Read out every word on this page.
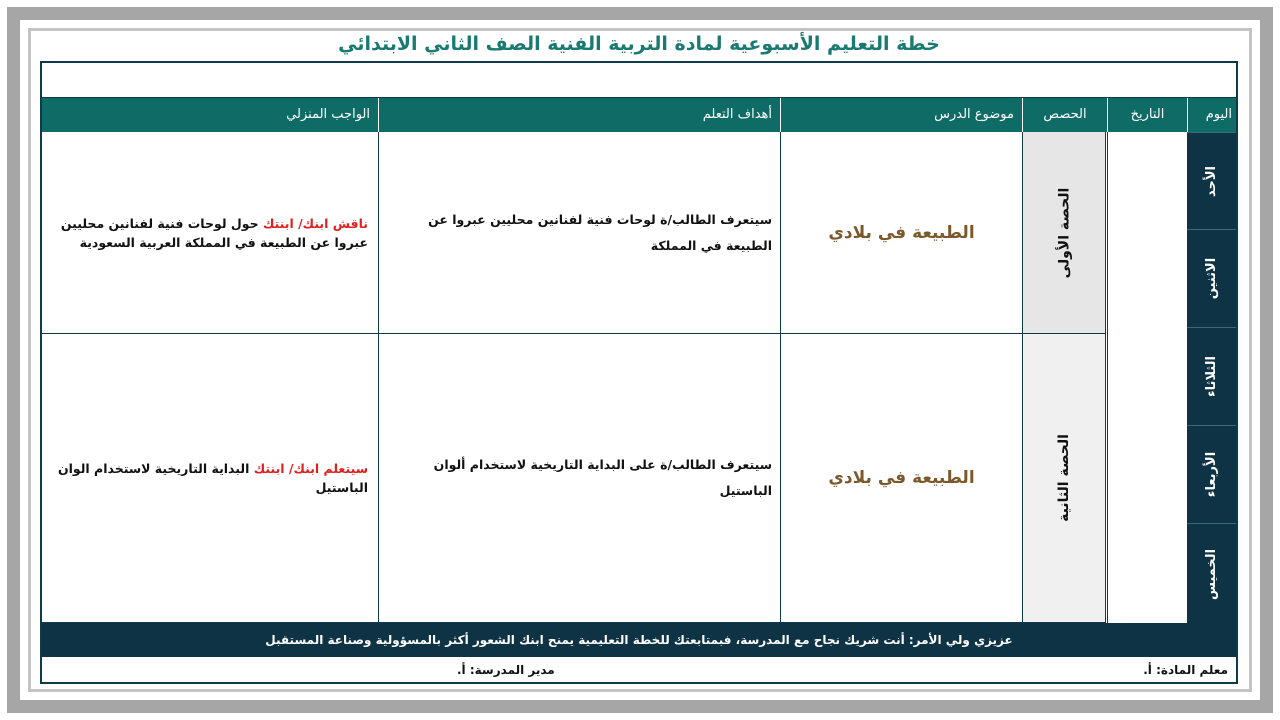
خطة التعليم الأسبوعية لمادة التربية الفنية الصف الثاني الابتدائي
اليوم
التاريخ
الحصص
موضوع الدرس
أهداف التعلم
الواجب المنزلي
الأحد
الاثنين
الثلاثاء
الأربعاء
الخميس
الحصة الأولى
الطبيعة في بلادي
سيتعرف الطالب/ة لوحات فنية لفنانين محليين عبروا عن الطبيعة في المملكة
ناقش ابنك/ ابنتك حول لوحات فنية لفنانين محليين عبروا عن الطبيعة في المملكة العربية السعودية
الحصة الثانية
الطبيعة في بلادي
سيتعرف الطالب/ة على البداية التاريخية لاستخدام ألوان الباستيل
سيتعلم ابنك/ ابنتك البداية التاريخية لاستخدام الوان الباستيل
عزيزي ولي الأمر: أنت شريك نجاح مع المدرسة، فبمتابعتك للخطة التعليمية يمنح ابنك الشعور أكثر بالمسؤولية وصناعة المستقبل
معلم المادة: أ.
مدير المدرسة: أ.
